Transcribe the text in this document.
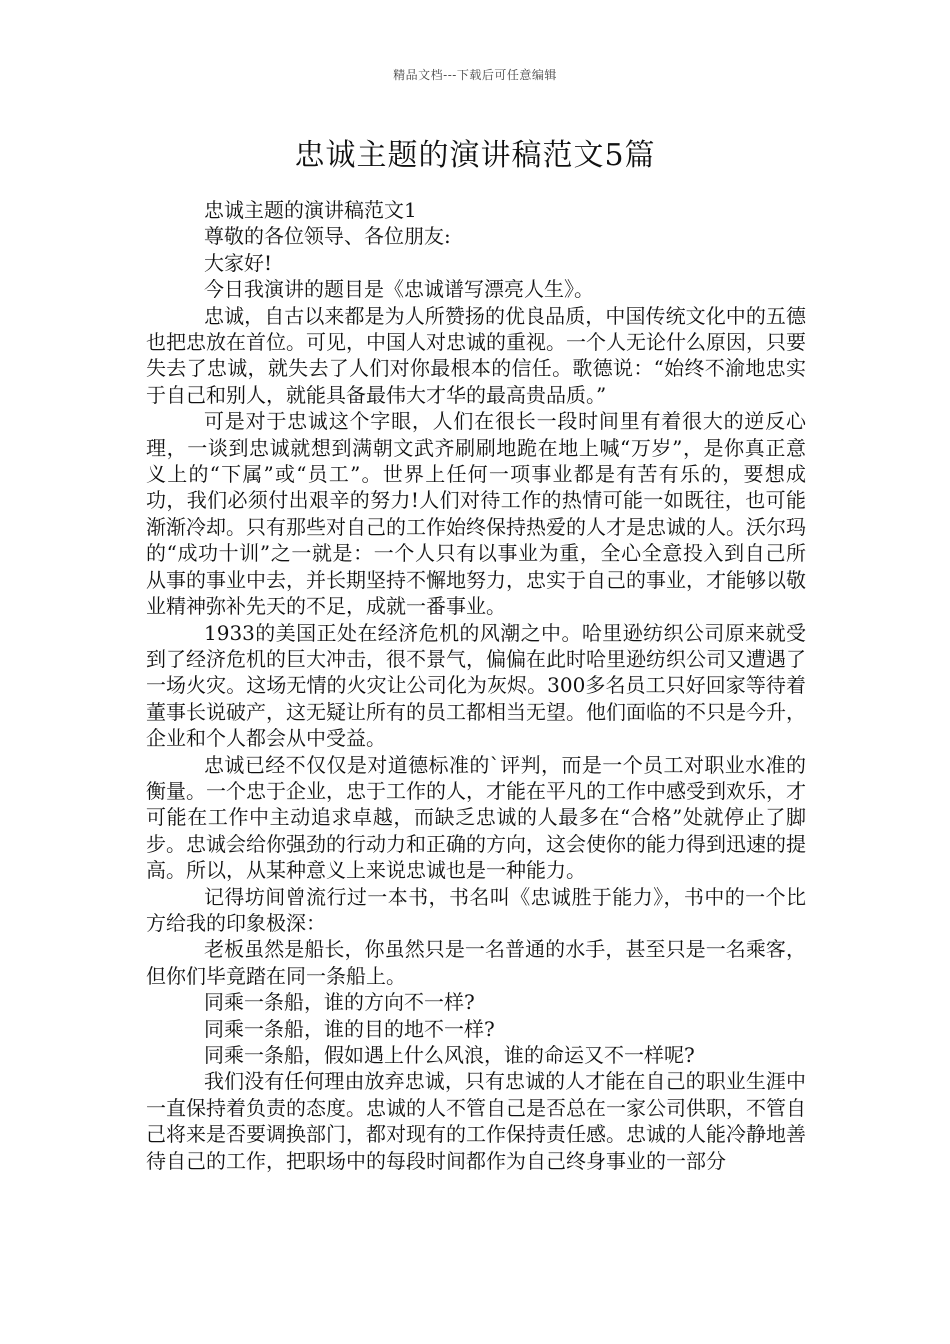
精品文档---下载后可任意编辑
忠诚主题的演讲稿范文5篇

忠诚主题的演讲稿范文1

尊敬的各位领导、各位朋友:

大家好!

今日我演讲的题目是《忠诚谱写漂亮人生》。

忠诚，自古以来都是为人所赞扬的优良品质，中国传统文化中的五德也把忠放在首位。可见，中国人对忠诚的重视。一个人无论什么原因，只要失去了忠诚，就失去了人们对你最根本的信任。歌德说：“始终不渝地忠实于自己和别人，就能具备最伟大才华的最高贵品质。”

可是对于忠诚这个字眼，人们在很长一段时间里有着很大的逆反心理，一谈到忠诚就想到满朝文武齐刷刷地跪在地上喊“万岁”，是你真正意义上的“下属”或“员工”。世界上任何一项事业都是有苦有乐的，要想成功，我们必须付出艰辛的努力!人们对待工作的热情可能一如既往，也可能渐渐冷却。只有那些对自己的工作始终保持热爱的人才是忠诚的人。沃尔玛的“成功十训”之一就是：一个人只有以事业为重，全心全意投入到自己所从事的事业中去，并长期坚持不懈地努力，忠实于自己的事业，才能够以敬业精神弥补先天的不足，成就一番事业。

1933的美国正处在经济危机的风潮之中。哈里逊纺织公司原来就受到了经济危机的巨大冲击，很不景气，偏偏在此时哈里逊纺织公司又遭遇了一场火灾。这场无情的火灾让公司化为灰烬。300多名员工只好回家等待着董事长说破产，这无疑让所有的员工都相当无望。他们面临的不只是今升，企业和个人都会从中受益。

忠诚已经不仅仅是对道德标准的`评判，而是一个员工对职业水准的衡量。一个忠于企业，忠于工作的人，才能在平凡的工作中感受到欢乐，才可能在工作中主动追求卓越，而缺乏忠诚的人最多在“合格”处就停止了脚步。忠诚会给你强劲的行动力和正确的方向，这会使你的能力得到迅速的提高。所以，从某种意义上来说忠诚也是一种能力。

记得坊间曾流行过一本书，书名叫《忠诚胜于能力》，书中的一个比方给我的印象极深：

老板虽然是船长，你虽然只是一名普通的水手，甚至只是一名乘客，但你们毕竟踏在同一条船上。

同乘一条船，谁的方向不一样?

同乘一条船，谁的目的地不一样?

同乘一条船，假如遇上什么风浪，谁的命运又不一样呢?

我们没有任何理由放弃忠诚，只有忠诚的人才能在自己的职业生涯中一直保持着负责的态度。忠诚的人不管自己是否总在一家公司供职，不管自己将来是否要调换部门，都对现有的工作保持责任感。忠诚的人能冷静地善待自己的工作，把职场中的每段时间都作为自己终身事业的一部分
